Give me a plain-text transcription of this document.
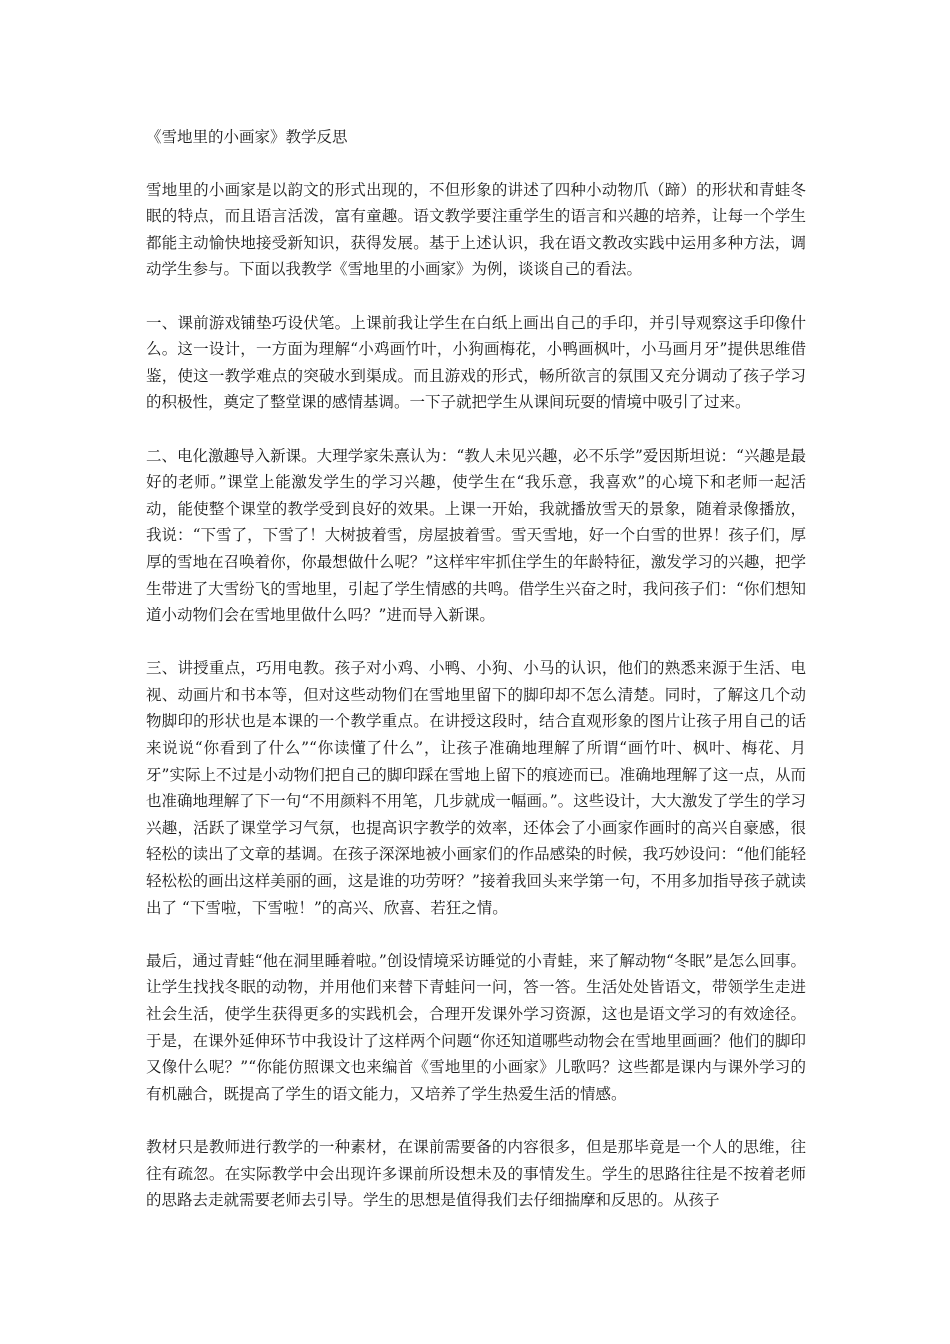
《雪地里的小画家》教学反思

雪地里的小画家是以韵文的形式出现的，不但形象的讲述了四种小动物爪（蹄）的形状和青蛙冬眠的特点，而且语言活泼，富有童趣。语文教学要注重学生的语言和兴趣的培养，让每一个学生都能主动愉快地接受新知识，获得发展。基于上述认识，我在语文教改实践中运用多种方法，调动学生参与。下面以我教学《雪地里的小画家》为例，谈谈自己的看法。

一、课前游戏铺垫巧设伏笔。上课前我让学生在白纸上画出自己的手印，并引导观察这手印像什么。这一设计，一方面为理解“小鸡画竹叶，小狗画梅花，小鸭画枫叶，小马画月牙”提供思维借鉴，使这一教学难点的突破水到渠成。而且游戏的形式，畅所欲言的氛围又充分调动了孩子学习的积极性，奠定了整堂课的感情基调。一下子就把学生从课间玩耍的情境中吸引了过来。

二、电化激趣导入新课。大理学家朱熹认为：“教人未见兴趣，必不乐学”爱因斯坦说：“兴趣是最好的老师。”课堂上能激发学生的学习兴趣，使学生在“我乐意，我喜欢”的心境下和老师一起活动，能使整个课堂的教学受到良好的效果。上课一开始，我就播放雪天的景象，随着录像播放，我说：“下雪了，下雪了！大树披着雪，房屋披着雪。雪天雪地，好一个白雪的世界！孩子们，厚厚的雪地在召唤着你，你最想做什么呢？”这样牢牢抓住学生的年龄特征，激发学习的兴趣，把学生带进了大雪纷飞的雪地里，引起了学生情感的共鸣。借学生兴奋之时，我问孩子们：“你们想知道小动物们会在雪地里做什么吗？”进而导入新课。

三、讲授重点，巧用电教。孩子对小鸡、小鸭、小狗、小马的认识，他们的熟悉来源于生活、电视、动画片和书本等，但对这些动物们在雪地里留下的脚印却不怎么清楚。同时，了解这几个动物脚印的形状也是本课的一个教学重点。在讲授这段时，结合直观形象的图片让孩子用自己的话来说说“你看到了什么”“你读懂了什么”，让孩子准确地理解了所谓“画竹叶、枫叶、梅花、月牙”实际上不过是小动物们把自己的脚印踩在雪地上留下的痕迹而已。准确地理解了这一点，从而也准确地理解了下一句“不用颜料不用笔，几步就成一幅画。”。这些设计，大大激发了学生的学习兴趣，活跃了课堂学习气氛，也提高识字教学的效率，还体会了小画家作画时的高兴自豪感，很轻松的读出了文章的基调。在孩子深深地被小画家们的作品感染的时候，我巧妙设问：“他们能轻轻松松的画出这样美丽的画，这是谁的功劳呀？”接着我回头来学第一句，不用多加指导孩子就读出了 “下雪啦，下雪啦！”的高兴、欣喜、若狂之情。

最后，通过青蛙“他在洞里睡着啦。”创设情境采访睡觉的小青蛙，来了解动物“冬眠”是怎么回事。让学生找找冬眠的动物，并用他们来替下青蛙问一问，答一答。生活处处皆语文，带领学生走进社会生活，使学生获得更多的实践机会，合理开发课外学习资源，这也是语文学习的有效途径。于是，在课外延伸环节中我设计了这样两个问题“你还知道哪些动物会在雪地里画画？他们的脚印又像什么呢？”“你能仿照课文也来编首《雪地里的小画家》儿歌吗？这些都是课内与课外学习的有机融合，既提高了学生的语文能力，又培养了学生热爱生活的情感。

教材只是教师进行教学的一种素材，在课前需要备的内容很多，但是那毕竟是一个人的思维，往往有疏忽。在实际教学中会出现许多课前所设想未及的事情发生。学生的思路往往是不按着老师的思路去走就需要老师去引导。学生的思想是值得我们去仔细揣摩和反思的。从孩子
